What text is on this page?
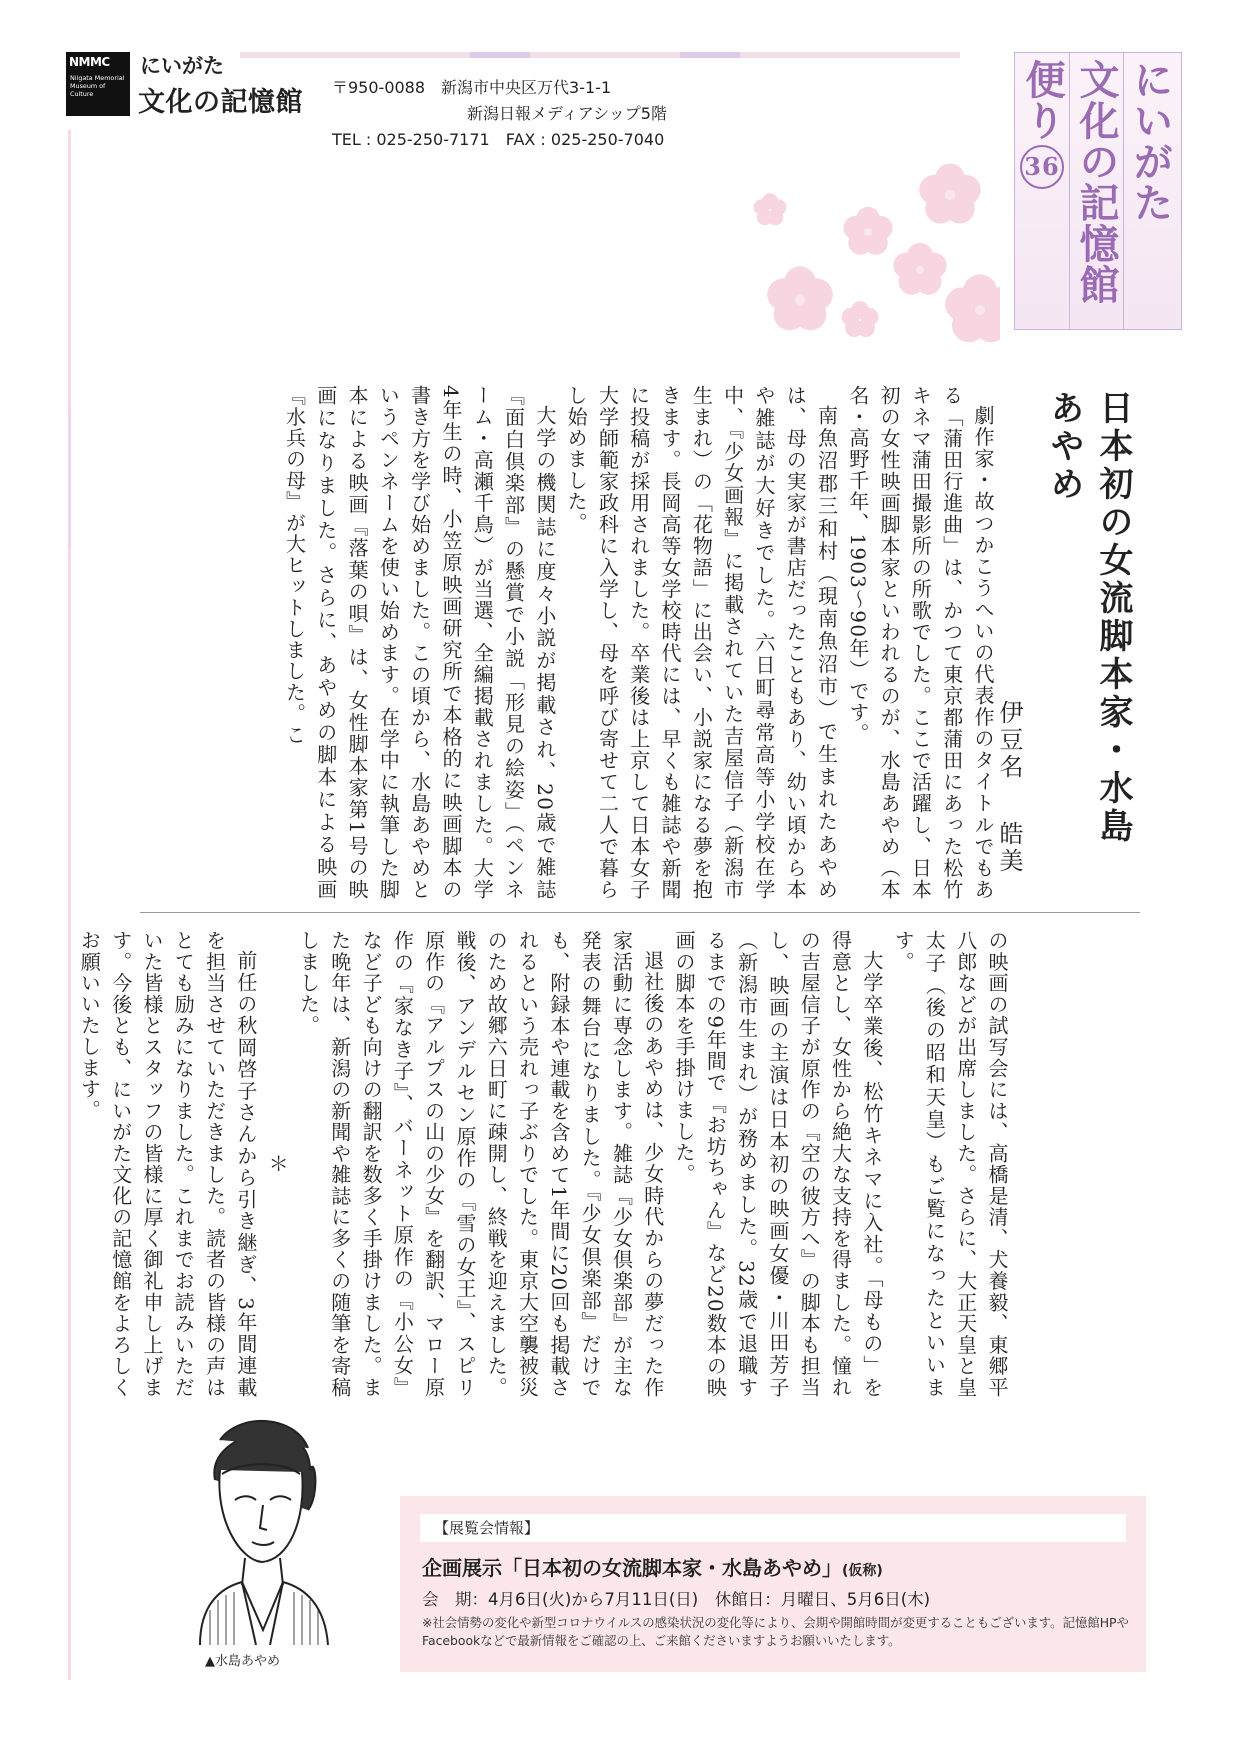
NMMC
Niigata Memorial Museum of Culture
にいがた
文化の記憶館	〒950-0088　新潟市中央区万代3-1-1
新潟日報メディアシップ5階
TEL : 025-250-7171　FAX : 025-250-7040	にいがた
文化の記憶館
便り36
日本初の女流脚本家・水島あやめ
伊豆名皓美

劇作家・故つかこうへいの代表作のタイトルでもある「蒲田行進曲」は、かつて東京都蒲田にあった松竹キネマ蒲田撮影所の所歌でした。ここで活躍し、日本初の女性映画脚本家といわれるのが、水島あやめ（本名・高野千年、1903〜90年）です。

南魚沼郡三和村（現南魚沼市）で生まれたあやめは、母の実家が書店だったこともあり、幼い頃から本や雑誌が大好きでした。六日町尋常高等小学校在学中、『少女画報』に掲載されていた吉屋信子（新潟市生まれ）の「花物語」に出会い、小説家になる夢を抱きます。長岡高等女学校時代には、早くも雑誌や新聞に投稿が採用されました。卒業後は上京して日本女子大学師範家政科に入学し、母を呼び寄せて二人で暮らし始めました。

大学の機関誌に度々小説が掲載され、20歳で雑誌『面白倶楽部』の懸賞で小説「形見の絵姿」（ペンネーム・高瀬千鳥）が当選、全編掲載されました。大学4年生の時、小笠原映画研究所で本格的に映画脚本の書き方を学び始めました。この頃から、水島あやめというペンネームを使い始めます。在学中に執筆した脚本による映画『落葉の唄』は、女性脚本家第1号の映画になりました。さらに、あやめの脚本による映画『水兵の母』が大ヒットしました。こ

の映画の試写会には、高橋是清、犬養毅、東郷平八郎などが出席しました。さらに、大正天皇と皇太子（後の昭和天皇）もご覧になったといいます。

大学卒業後、松竹キネマに入社。「母もの」を得意とし、女性から絶大な支持を得ました。憧れの吉屋信子が原作の『空の彼方へ』の脚本も担当し、映画の主演は日本初の映画女優・川田芳子（新潟市生まれ）が務めました。32歳で退職するまでの9年間で『お坊ちゃん』など20数本の映画の脚本を手掛けました。

退社後のあやめは、少女時代からの夢だった作家活動に専念します。雑誌『少女倶楽部』が主な発表の舞台になりました。『少女倶楽部』だけでも、附録本や連載を含めて1年間に20回も掲載されるという売れっ子ぶりでした。東京大空襲被災のため故郷六日町に疎開し、終戦を迎えました。戦後、アンデルセン原作の『雪の女王』、スピリ原作の『アルプスの山の少女』を翻訳、マロー原作の『家なき子』、バーネット原作の『小公女』など子ども向けの翻訳を数多く手掛けました。また晩年は、新潟の新聞や雑誌に多くの随筆を寄稿しました。

＊

前任の秋岡啓子さんから引き継ぎ、3年間連載を担当させていただきました。読者の皆様の声はとても励みになりました。これまでお読みいただいた皆様とスタッフの皆様に厚く御礼申し上げます。今後とも、にいがた文化の記憶館をよろしくお願いいたします。

▲水島あやめ
【展覧会情報】
企画展示「日本初の女流脚本家・水島あやめ」(仮称)
会　期：4月6日(火)から7月11日(日)　休館日：月曜日、5月6日(木)
※社会情勢の変化や新型コロナウイルスの感染状況の変化等により、会期や開館時間が変更することもございます。記憶館HPやFacebookなどで最新情報をご確認の上、ご来館くださいますようお願いいたします。
